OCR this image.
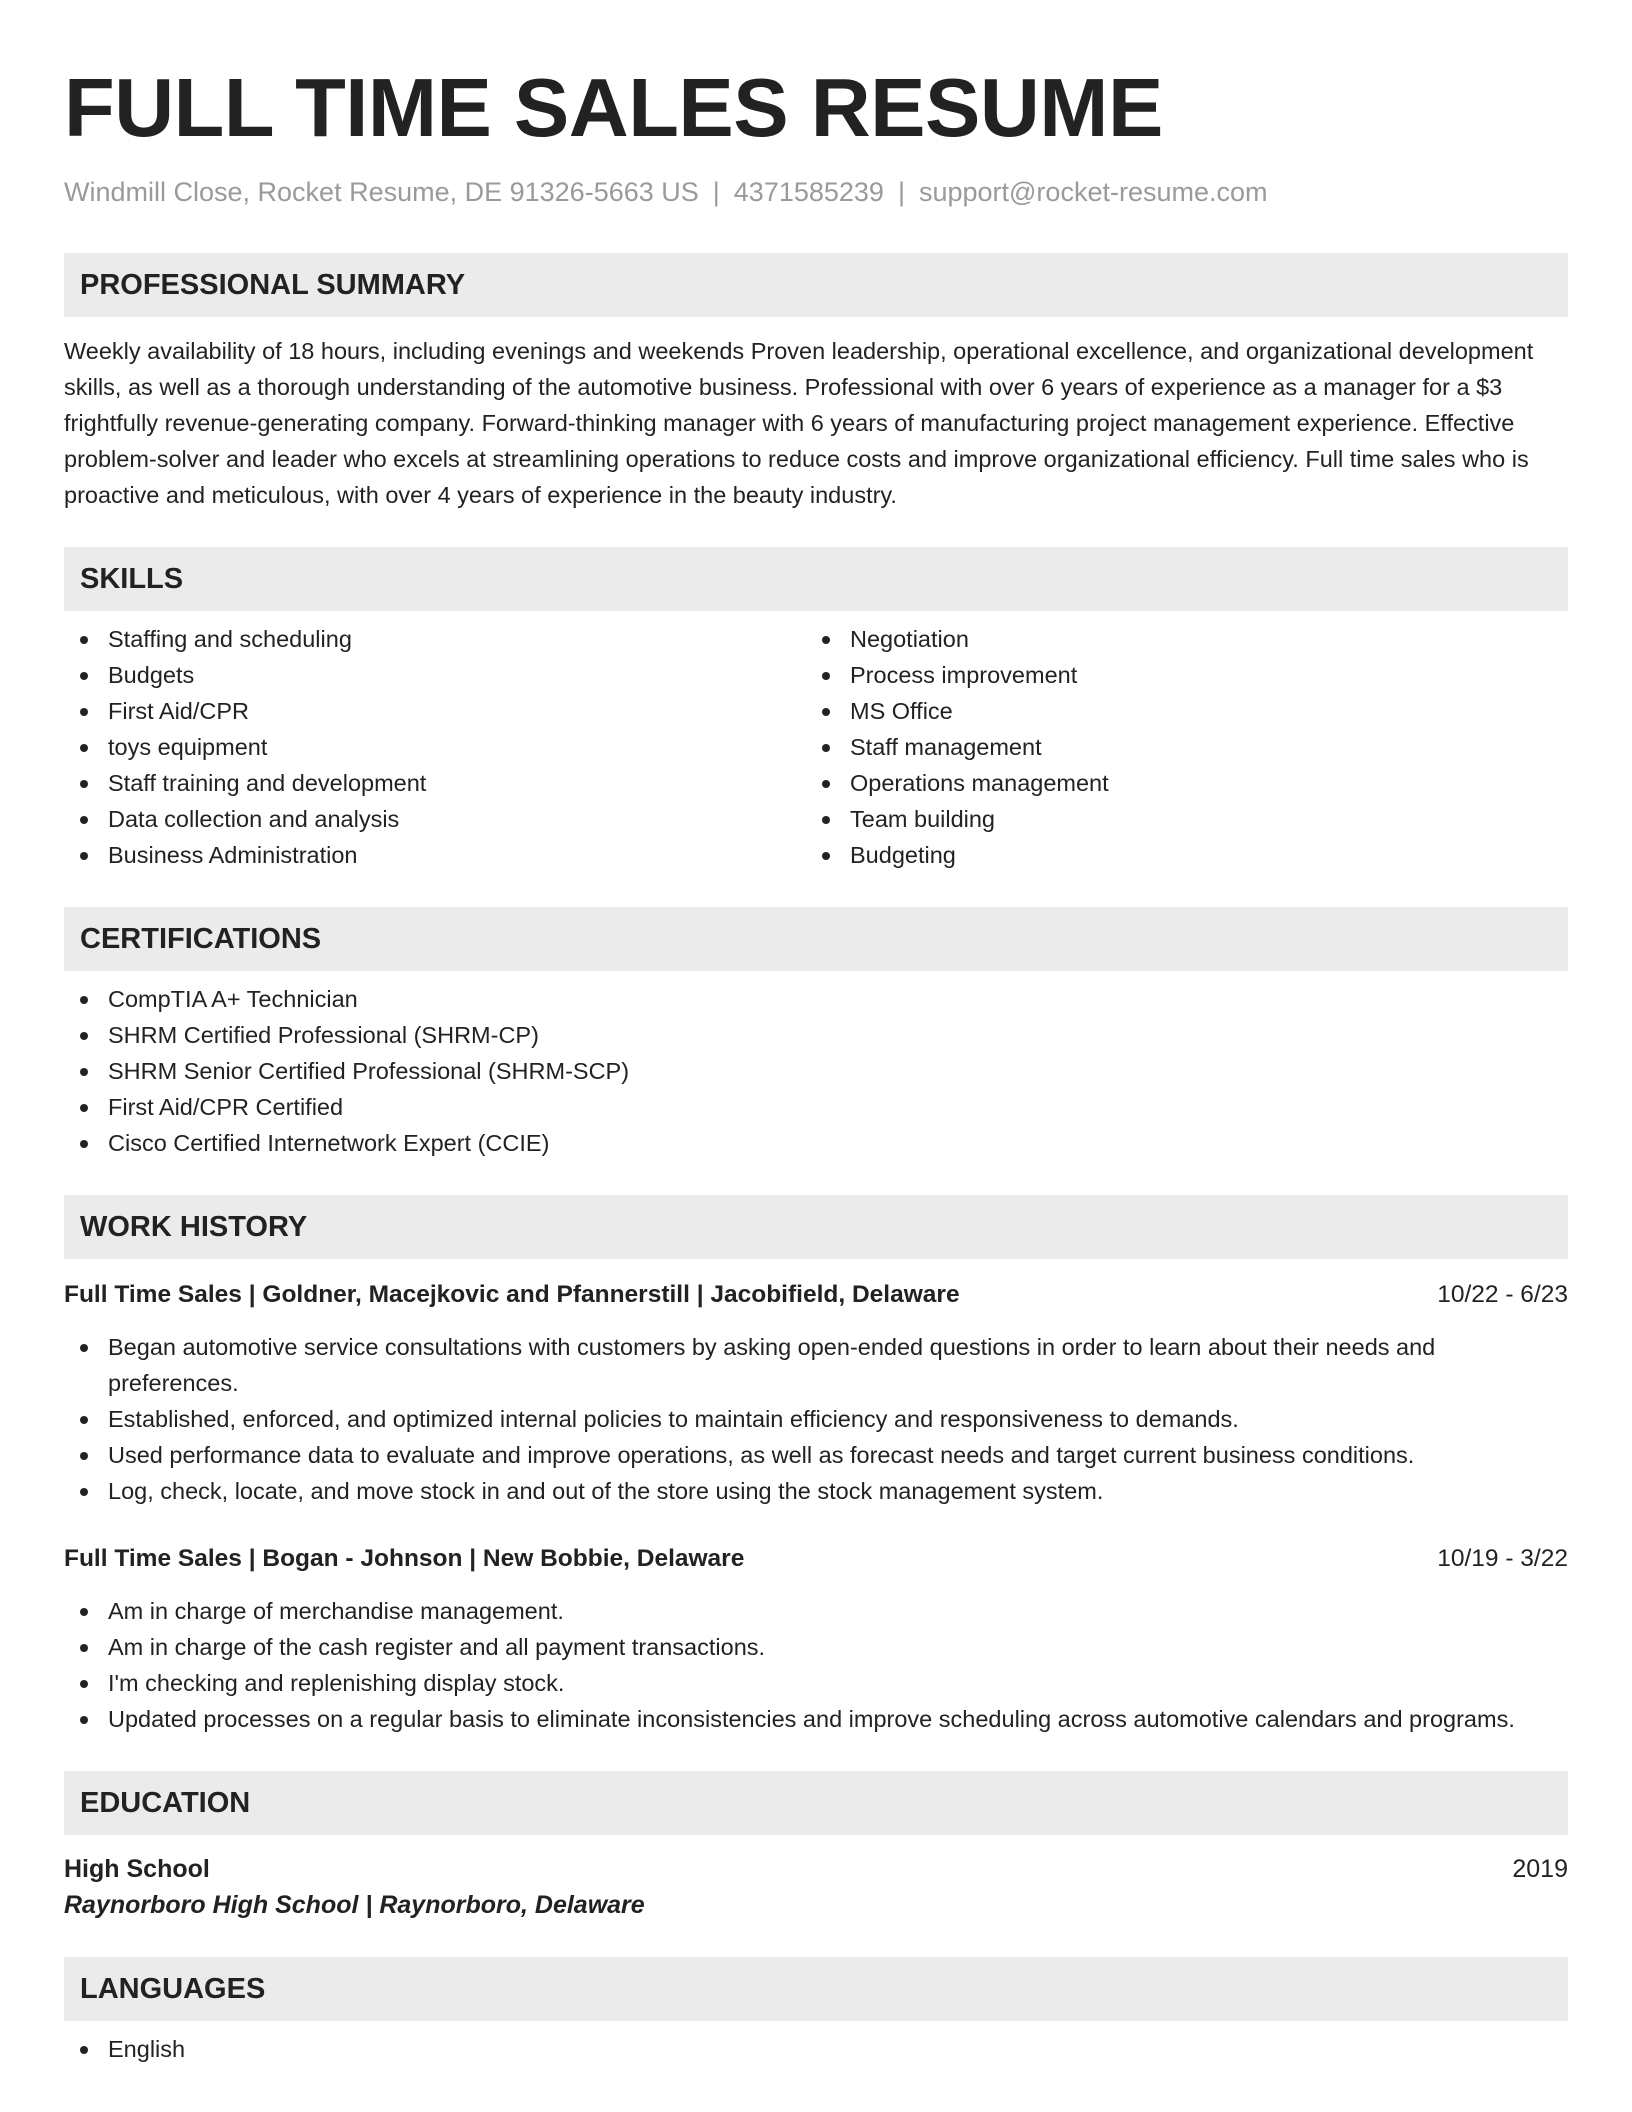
FULL TIME SALES RESUME
Windmill Close, Rocket Resume, DE 91326-5663 US | 4371585239 | support@rocket-resume.com
PROFESSIONAL SUMMARY
Weekly availability of 18 hours, including evenings and weekends Proven leadership, operational excellence, and organizational development skills, as well as a thorough understanding of the automotive business. Professional with over 6 years of experience as a manager for a $3 frightfully revenue-generating company. Forward-thinking manager with 6 years of manufacturing project management experience. Effective problem-solver and leader who excels at streamlining operations to reduce costs and improve organizational efficiency. Full time sales who is proactive and meticulous, with over 4 years of experience in the beauty industry.
SKILLS
Staffing and scheduling
Budgets
First Aid/CPR
toys equipment
Staff training and development
Data collection and analysis
Business Administration
Negotiation
Process improvement
MS Office
Staff management
Operations management
Team building
Budgeting
CERTIFICATIONS
CompTIA A+ Technician
SHRM Certified Professional (SHRM-CP)
SHRM Senior Certified Professional (SHRM-SCP)
First Aid/CPR Certified
Cisco Certified Internetwork Expert (CCIE)
WORK HISTORY
Full Time Sales | Goldner, Macejkovic and Pfannerstill | Jacobifield, Delaware	10/22 - 6/23
Began automotive service consultations with customers by asking open-ended questions in order to learn about their needs and preferences.
Established, enforced, and optimized internal policies to maintain efficiency and responsiveness to demands.
Used performance data to evaluate and improve operations, as well as forecast needs and target current business conditions.
Log, check, locate, and move stock in and out of the store using the stock management system.
Full Time Sales | Bogan - Johnson | New Bobbie, Delaware	10/19 - 3/22
Am in charge of merchandise management.
Am in charge of the cash register and all payment transactions.
I'm checking and replenishing display stock.
Updated processes on a regular basis to eliminate inconsistencies and improve scheduling across automotive calendars and programs.
EDUCATION
High School	2019
Raynorboro High School | Raynorboro, Delaware
LANGUAGES
English
